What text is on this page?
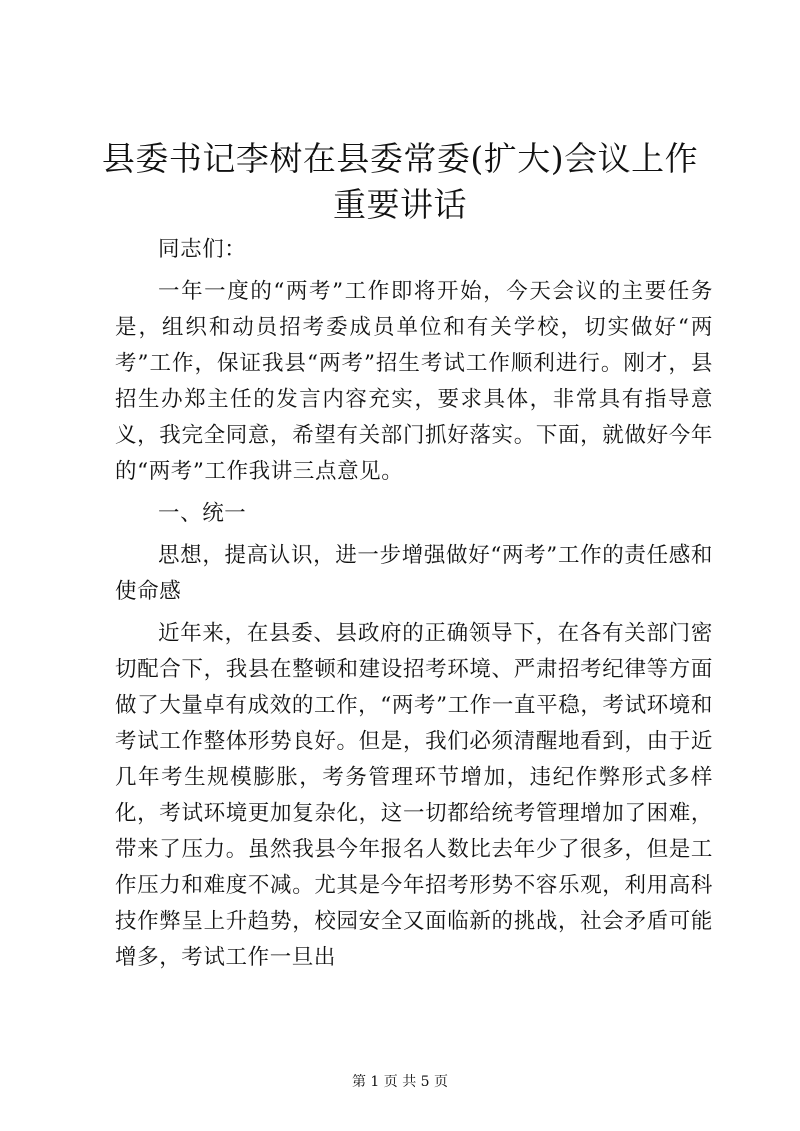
县委书记李树在县委常委(扩大)会议上作重要讲话

同志们：

一年一度的“两考”工作即将开始，今天会议的主要任务是，组织和动员招考委成员单位和有关学校，切实做好“两考”工作，保证我县“两考”招生考试工作顺利进行。刚才，县招生办郑主任的发言内容充实，要求具体，非常具有指导意义，我完全同意，希望有关部门抓好落实。下面，就做好今年的“两考”工作我讲三点意见。

一、统一

思想，提高认识，进一步增强做好“两考”工作的责任感和使命感

近年来，在县委、县政府的正确领导下，在各有关部门密切配合下，我县在整顿和建设招考环境、严肃招考纪律等方面做了大量卓有成效的工作，“两考”工作一直平稳，考试环境和考试工作整体形势良好。但是，我们必须清醒地看到，由于近几年考生规模膨胀，考务管理环节增加，违纪作弊形式多样化，考试环境更加复杂化，这一切都给统考管理增加了困难，带来了压力。虽然我县今年报名人数比去年少了很多，但是工作压力和难度不减。尤其是今年招考形势不容乐观，利用高科技作弊呈上升趋势，校园安全又面临新的挑战，社会矛盾可能增多，考试工作一旦出

第 1 页 共 5 页
